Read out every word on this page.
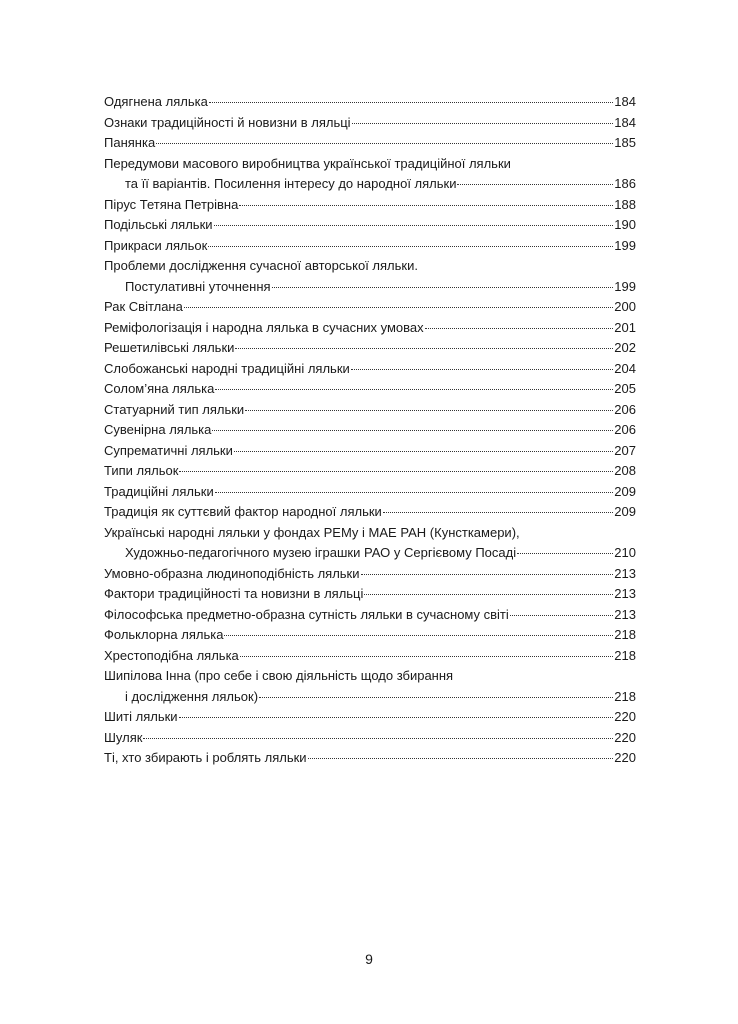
Одягнена лялька	184
Ознаки традиційності й новизни в ляльці	184
Панянка	185
Передумови масового виробництва української традиційної ляльки
та її варіантів. Посилення інтересу до народної ляльки	186
Пірус Тетяна Петрівна	188
Подільські ляльки	190
Прикраси ляльок	199
Проблеми дослідження сучасної авторської ляльки.
Постулативні уточнення	199
Рак Світлана	200
Реміфологізація і народна лялька в сучасних умовах	201
Решетилівські ляльки	202
Слобожанські народні традиційні ляльки	204
Солом’яна лялька	205
Статуарний тип ляльки	206
Сувенірна лялька	206
Супрематичні ляльки	207
Типи ляльок	208
Традиційні ляльки	209
Традиція як суттєвий фактор народної ляльки	209
Українські народні ляльки у фондах РЕМу і МАЕ РАН (Кунсткамери),
Художньо-педагогічного музею іграшки РАО у Сергієвому Посаді	210
Умовно-образна людиноподібність ляльки	213
Фактори традиційності та новизни в ляльці	213
Філософська предметно-образна сутність ляльки в сучасному світі	213
Фольклорна лялька	218
Хрестоподібна лялька	218
Шипілова Інна (про себе і свою діяльність щодо збирання
і дослідження ляльок)	218
Шиті ляльки	220
Шуляк	220
Ті, хто збирають і роблять ляльки	220
9
